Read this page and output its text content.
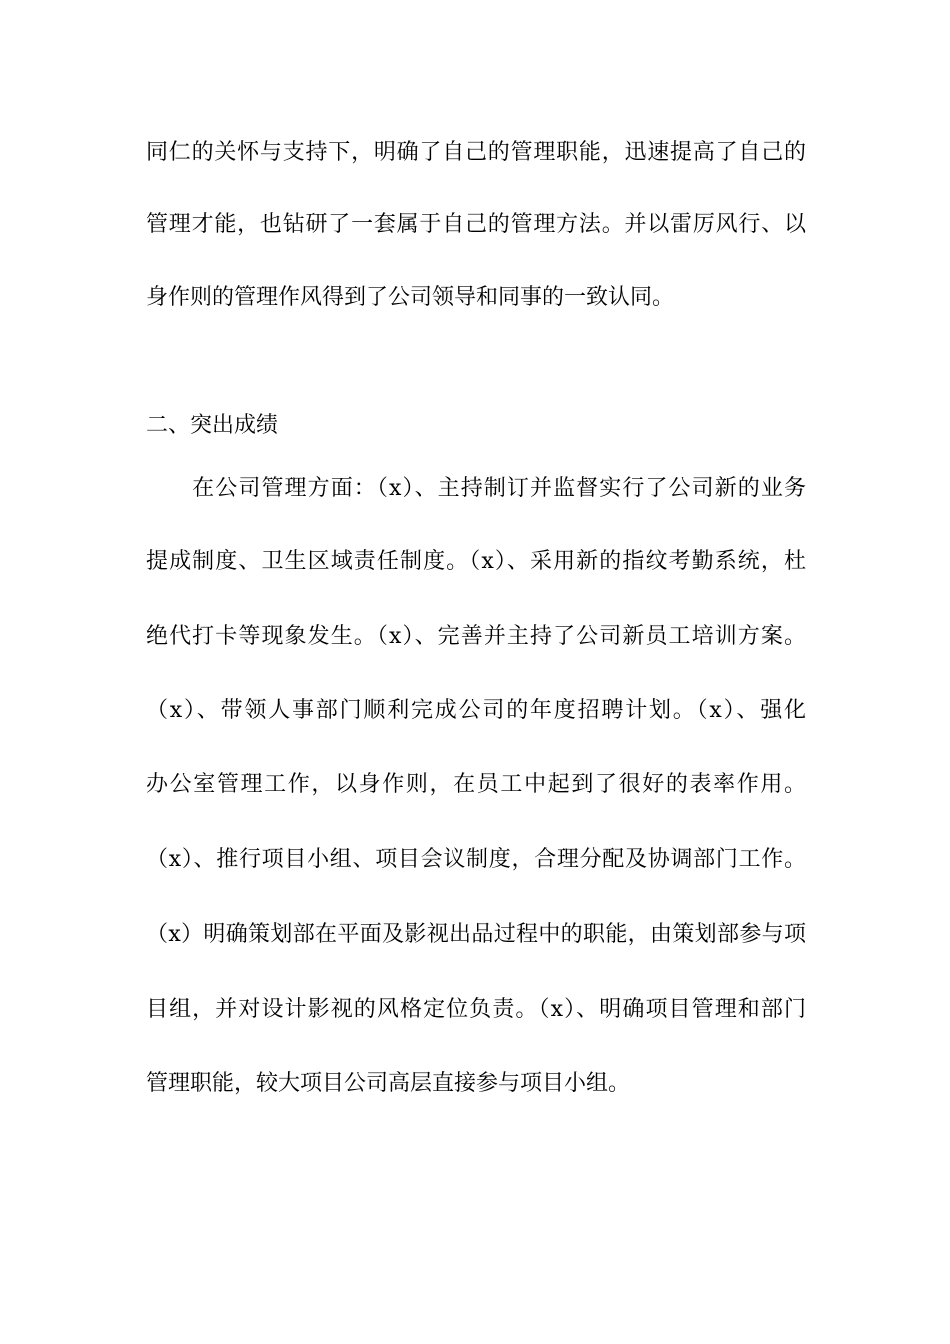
同仁的关怀与支持下，明确了自己的管理职能，迅速提高了自己的

管理才能，也钻研了一套属于自己的管理方法。并以雷厉风行、以

身作则的管理作风得到了公司领导和同事的一致认同。

二、突出成绩

　　在公司管理方面：（x）、主持制订并监督实行了公司新的业务

提成制度、卫生区域责任制度。（x）、采用新的指纹考勤系统，杜

绝代打卡等现象发生。（x）、完善并主持了公司新员工培训方案。

（x）、带领人事部门顺利完成公司的年度招聘计划。（x）、强化

办公室管理工作，以身作则，在员工中起到了很好的表率作用。

（x）、推行项目小组、项目会议制度，合理分配及协调部门工作。

（x）明确策划部在平面及影视出品过程中的职能，由策划部参与项

目组，并对设计影视的风格定位负责。（x）、明确项目管理和部门

管理职能，较大项目公司高层直接参与项目小组。
